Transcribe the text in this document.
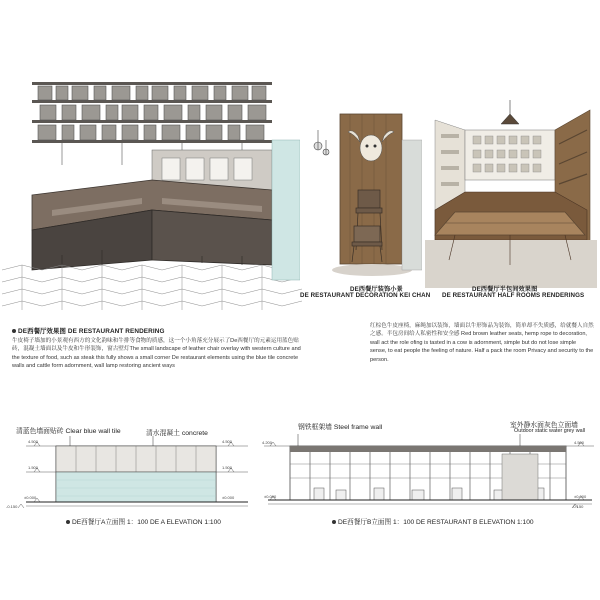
DE西餐厅装饰小景
DE RESTAURANT DECORATION KEI CHAN
DE西餐厅半包间效果图
DE RESTAURANT HALF ROOMS RENDERINGS
DE西餐厅效果图 DE RESTAURANT RENDERING
牛皮椅子墙加的小景观有西方的文化韵味和牛排等食物的质感，这一个小角落充分展示了De西餐厅的元素运用蓝色贴砖，混凝土墙面以及牛皮和牛形装饰，窗古壁灯The small landscape of leather chair overlay with western culture and the texture of food, such as steak this fully shows a small corner De restaurant elements using the blue tile concrete walls and cattle form adornment, wall lamp restoring ancient ways
红棕色牛皮座椅，麻绳加以装饰，墙面以牛形饰品为装饰，简单却不失质感，给就餐人自然之感。半包房间给人私密性和安全感 Red brown leather seats, hemp rope to decoration, wall act the role ofing is tasted in a cow is adornment, simple but do not lose simple sense, to eat people the feeling of nature. Half a pack the room Privacy and security to the person.
清蓝色墙面贴砖 Clear blue wall tile	清水混凝土 concrete
4.500
1.500
±0.000
-0.150
4.500
1.500
±0.000
DE西餐厅A立面图 1：100 DE A ELEVATION 1:100
钢铁框架墙 Steel frame wall	室外静水面灰色立面墙
Outdoor static water grey wall
4.200
±0.000
4.500
±0.000
-0.150
DE西餐厅B立面图 1：100 DE RESTAURANT B ELEVATION 1:100
